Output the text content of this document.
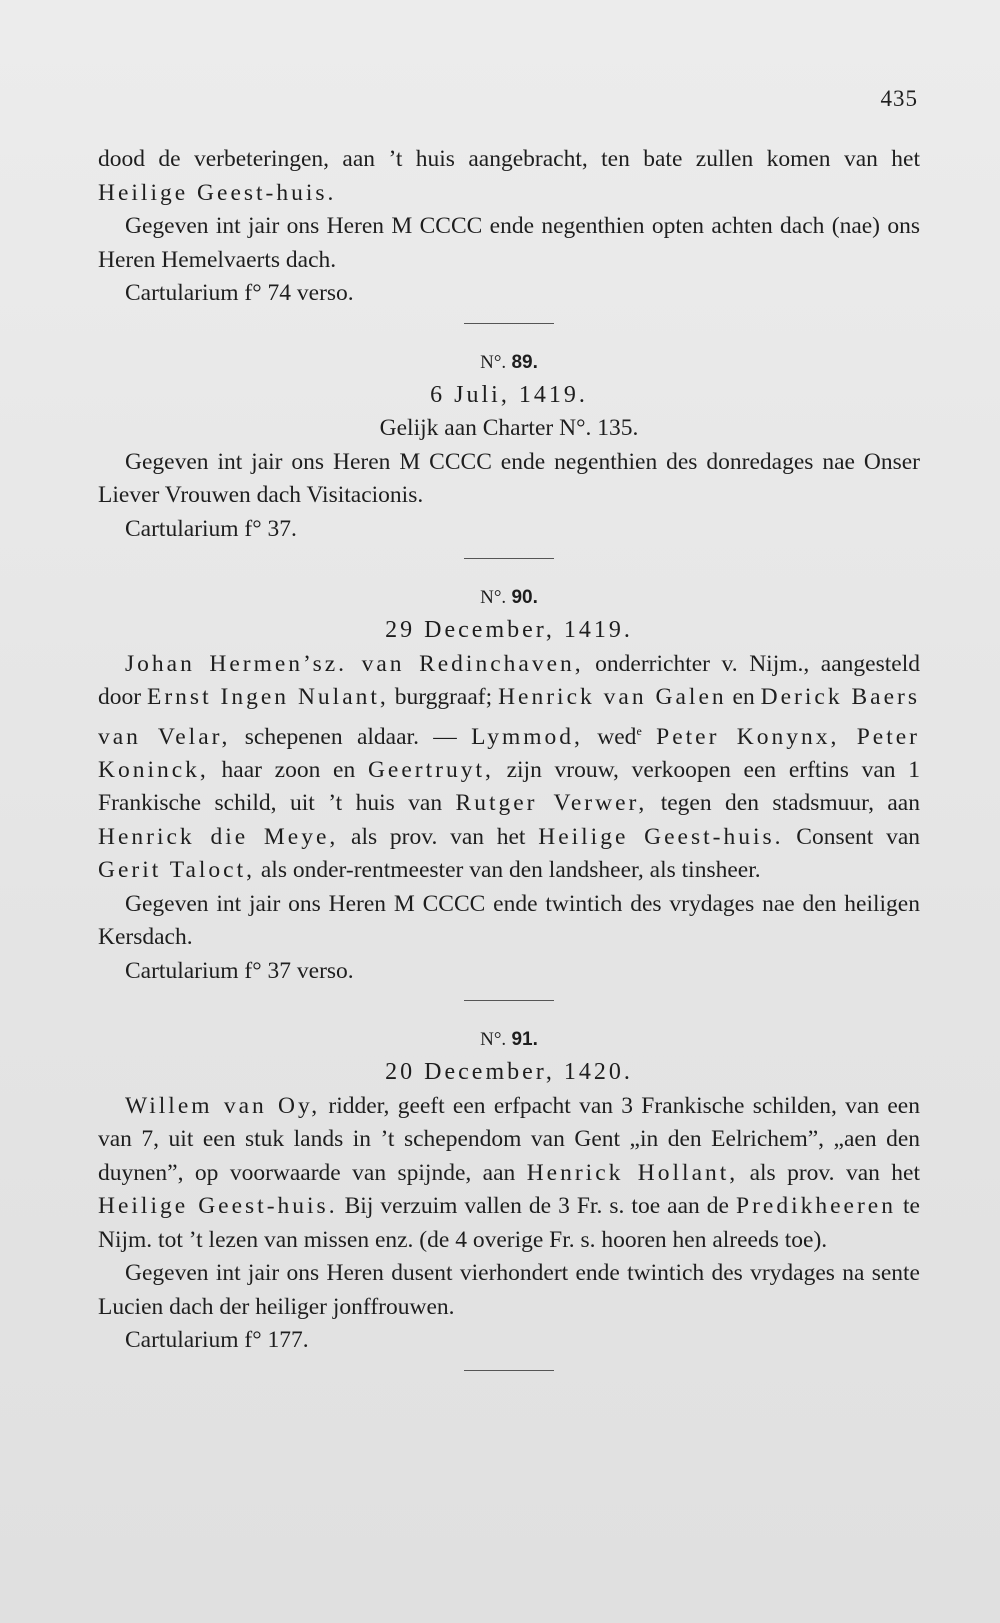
435

dood de verbeteringen, aan ’t huis aangebracht, ten bate zullen komen van het Heilige Geest-huis.

Gegeven int jair ons Heren M CCCC ende negenthien opten achten dach (nae) ons Heren Hemelvaerts dach.

Cartularium f° 74 verso.

N°. 89.

6 Juli, 1419.

Gelijk aan Charter N°. 135.

Gegeven int jair ons Heren M CCCC ende negenthien des donredages nae Onser Liever Vrouwen dach Visitacionis.

Cartularium f° 37.

N°. 90.

29 December, 1419.

Johan Hermen’sz. van Redinchaven, onderrichter v. Nijm., aangesteld door Ernst Ingen Nulant, burggraaf; Henrick van Galen en Derick Baers van Velar, schepenen aldaar. — Lymmod, wed$^e$ Peter Konynx, Peter Koninck, haar zoon en Geertruyt, zijn vrouw, verkoopen een erftins van 1 Frankische schild, uit ’t huis van Rutger Verwer, tegen den stadsmuur, aan Henrick die Meye, als prov. van het Heilige Geest-huis. Consent van Gerit Taloct, als onder-rentmeester van den landsheer, als tinsheer.

Gegeven int jair ons Heren M CCCC ende twintich des vrydages nae den heiligen Kersdach.

Cartularium f° 37 verso.

N°. 91.

20 December, 1420.

Willem van Oy, ridder, geeft een erfpacht van 3 Frankische schilden, van een van 7, uit een stuk lands in ’t schependom van Gent „in den Eelrichem”, „aen den duynen”, op voorwaarde van spijnde, aan Henrick Hollant, als prov. van het Heilige Geest-huis. Bij verzuim vallen de 3 Fr. s. toe aan de Predikheeren te Nijm. tot ’t lezen van missen enz. (de 4 overige Fr. s. hooren hen alreeds toe).

Gegeven int jair ons Heren dusent vierhondert ende twintich des vrydages na sente Lucien dach der heiliger jonffrouwen.

Cartularium f° 177.
